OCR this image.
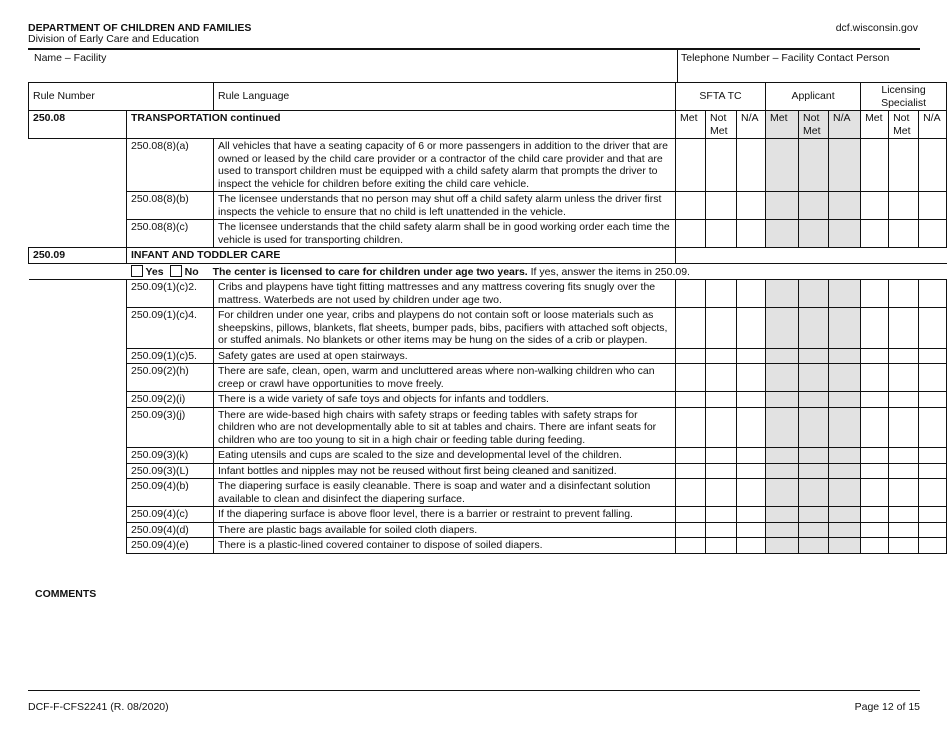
DEPARTMENT OF CHILDREN AND FAMILIES
Division of Early Care and Education
dcf.wisconsin.gov
Name – Facility	Telephone Number – Facility Contact Person
Rule Number		Rule Language	SFTA TC			Applicant			Licensing Specialist		
250.08	TRANSPORTATION continued		Met	Not Met	N/A	Met	Not Met	N/A	Met	Not Met	N/A
	250.08(8)(a)	All vehicles that have a seating capacity of 6 or more passengers in addition to the driver that are owned or leased by the child care provider or a contractor of the child care provider and that are used to transport children must be equipped with a child safety alarm that prompts the driver to inspect the vehicle for children before exiting the child care vehicle.									
	250.08(8)(b)	The licensee understands that no person may shut off a child safety alarm unless the driver first inspects the vehicle to ensure that no child is left unattended in the vehicle.									
	250.08(8)(c)	The licensee understands that the child safety alarm shall be in good working order each time the vehicle is used for transporting children.									
250.09	INFANT AND TODDLER CARE										
	Yes No The center is licensed to care for children under age two years. If yes, answer the items in 250.09.										
	250.09(1)(c)2.	Cribs and playpens have tight fitting mattresses and any mattress covering fits snugly over the mattress. Waterbeds are not used by children under age two.									
	250.09(1)(c)4.	For children under one year, cribs and playpens do not contain soft or loose materials such as sheepskins, pillows, blankets, flat sheets, bumper pads, bibs, pacifiers with attached soft objects, or stuffed animals. No blankets or other items may be hung on the sides of a crib or playpen.									
	250.09(1)(c)5.	Safety gates are used at open stairways.									
	250.09(2)(h)	There are safe, clean, open, warm and uncluttered areas where non-walking children who can creep or crawl have opportunities to move freely.									
	250.09(2)(i)	There is a wide variety of safe toys and objects for infants and toddlers.									
	250.09(3)(j)	There are wide-based high chairs with safety straps or feeding tables with safety straps for children who are not developmentally able to sit at tables and chairs. There are infant seats for children who are too young to sit in a high chair or feeding table during feeding.									
	250.09(3)(k)	Eating utensils and cups are scaled to the size and developmental level of the children.									
	250.09(3)(L)	Infant bottles and nipples may not be reused without first being cleaned and sanitized.									
	250.09(4)(b)	The diapering surface is easily cleanable. There is soap and water and a disinfectant solution available to clean and disinfect the diapering surface.									
	250.09(4)(c)	If the diapering surface is above floor level, there is a barrier or restraint to prevent falling.									
	250.09(4)(d)	There are plastic bags available for soiled cloth diapers.									
	250.09(4)(e)	There is a plastic-lined covered container to dispose of soiled diapers.									
COMMENTS
DCF-F-CFS2241 (R. 08/2020)	Page 12 of 15
